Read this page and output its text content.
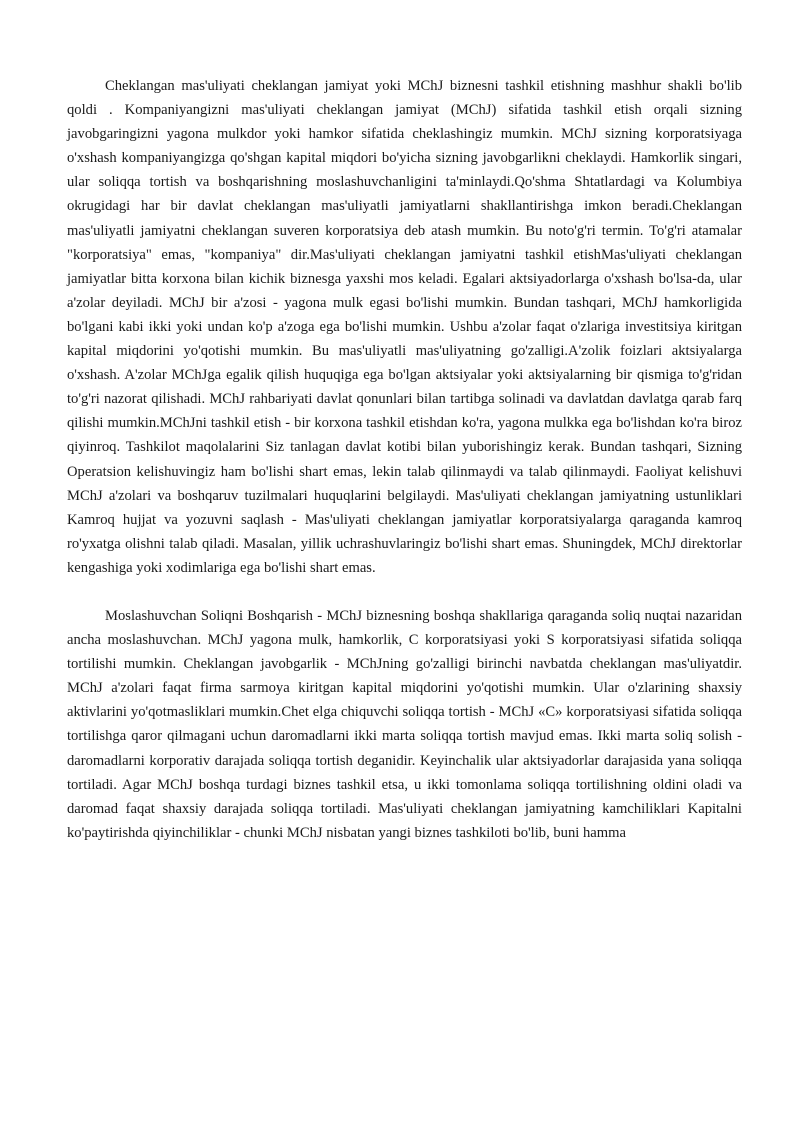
Cheklangan mas'uliyati cheklangan jamiyat yoki MChJ biznesni tashkil etishning mashhur shakli bo'lib qoldi . Kompaniyangizni mas'uliyati cheklangan jamiyat (MChJ) sifatida tashkil etish orqali sizning javobgaringizni yagona mulkdor yoki hamkor sifatida cheklashingiz mumkin. MChJ sizning korporatsiyaga o'xshash kompaniyangizga qo'shgan kapital miqdori bo'yicha sizning javobgarlikni cheklaydi. Hamkorlik singari, ular soliqqa tortish va boshqarishning moslashuvchanligini ta'minlaydi.Qo'shma Shtatlardagi va Kolumbiya okrugidagi har bir davlat cheklangan mas'uliyatli jamiyatlarni shakllantirishga imkon beradi.Cheklangan mas'uliyatli jamiyatni cheklangan suveren korporatsiya deb atash mumkin. Bu noto'g'ri termin. To'g'ri atamalar "korporatsiya" emas, "kompaniya" dir.Mas'uliyati cheklangan jamiyatni tashkil etishMas'uliyati cheklangan jamiyatlar bitta korxona bilan kichik biznesga yaxshi mos keladi. Egalari aktsiyadorlarga o'xshash bo'lsa-da, ular a'zolar deyiladi. MChJ bir a'zosi - yagona mulk egasi bo'lishi mumkin. Bundan tashqari, MChJ hamkorligida bo'lgani kabi ikki yoki undan ko'p a'zoga ega bo'lishi mumkin. Ushbu a'zolar faqat o'zlariga investitsiya kiritgan kapital miqdorini yo'qotishi mumkin. Bu mas'uliyatli mas'uliyatning go'zalligi.A'zolik foizlari aktsiyalarga o'xshash. A'zolar MChJga egalik qilish huquqiga ega bo'lgan aktsiyalar yoki aktsiyalarning bir qismiga to'g'ridan to'g'ri nazorat qilishadi. MChJ rahbariyati davlat qonunlari bilan tartibga solinadi va davlatdan davlatga qarab farq qilishi mumkin.MChJni tashkil etish - bir korxona tashkil etishdan ko'ra, yagona mulkka ega bo'lishdan ko'ra biroz qiyinroq. Tashkilot maqolalarini Siz tanlagan davlat kotibi bilan yuborishingiz kerak. Bundan tashqari, Sizning Operatsion kelishuvingiz ham bo'lishi shart emas, lekin talab qilinmaydi va talab qilinmaydi. Faoliyat kelishuvi MChJ a'zolari va boshqaruv tuzilmalari huquqlarini belgilaydi. Mas'uliyati cheklangan jamiyatning ustunliklari Kamroq hujjat va yozuvni saqlash - Mas'uliyati cheklangan jamiyatlar korporatsiyalarga qaraganda kamroq ro'yxatga olishni talab qiladi. Masalan, yillik uchrashuvlaringiz bo'lishi shart emas. Shuningdek, MChJ direktorlar kengashiga yoki xodimlariga ega bo'lishi shart emas.

Moslashuvchan Soliqni Boshqarish - MChJ biznesning boshqa shakllariga qaraganda soliq nuqtai nazaridan ancha moslashuvchan. MChJ yagona mulk, hamkorlik, C korporatsiyasi yoki S korporatsiyasi sifatida soliqqa tortilishi mumkin. Cheklangan javobgarlik - MChJning go'zalligi birinchi navbatda cheklangan mas'uliyatdir. MChJ a'zolari faqat firma sarmoya kiritgan kapital miqdorini yo'qotishi mumkin. Ular o'zlarining shaxsiy aktivlarini yo'qotmasliklari mumkin.Chet elga chiquvchi soliqqa tortish - MChJ «C» korporatsiyasi sifatida soliqqa tortilishga qaror qilmagani uchun daromadlarni ikki marta soliqqa tortish mavjud emas. Ikki marta soliq solish - daromadlarni korporativ darajada soliqqa tortish deganidir. Keyinchalik ular aktsiyadorlar darajasida yana soliqqa tortiladi. Agar MChJ boshqa turdagi biznes tashkil etsa, u ikki tomonlama soliqqa tortilishning oldini oladi va daromad faqat shaxsiy darajada soliqqa tortiladi. Mas'uliyati cheklangan jamiyatning kamchiliklari Kapitalni ko'paytirishda qiyinchiliklar - chunki MChJ nisbatan yangi biznes tashkiloti bo'lib, buni hamma
